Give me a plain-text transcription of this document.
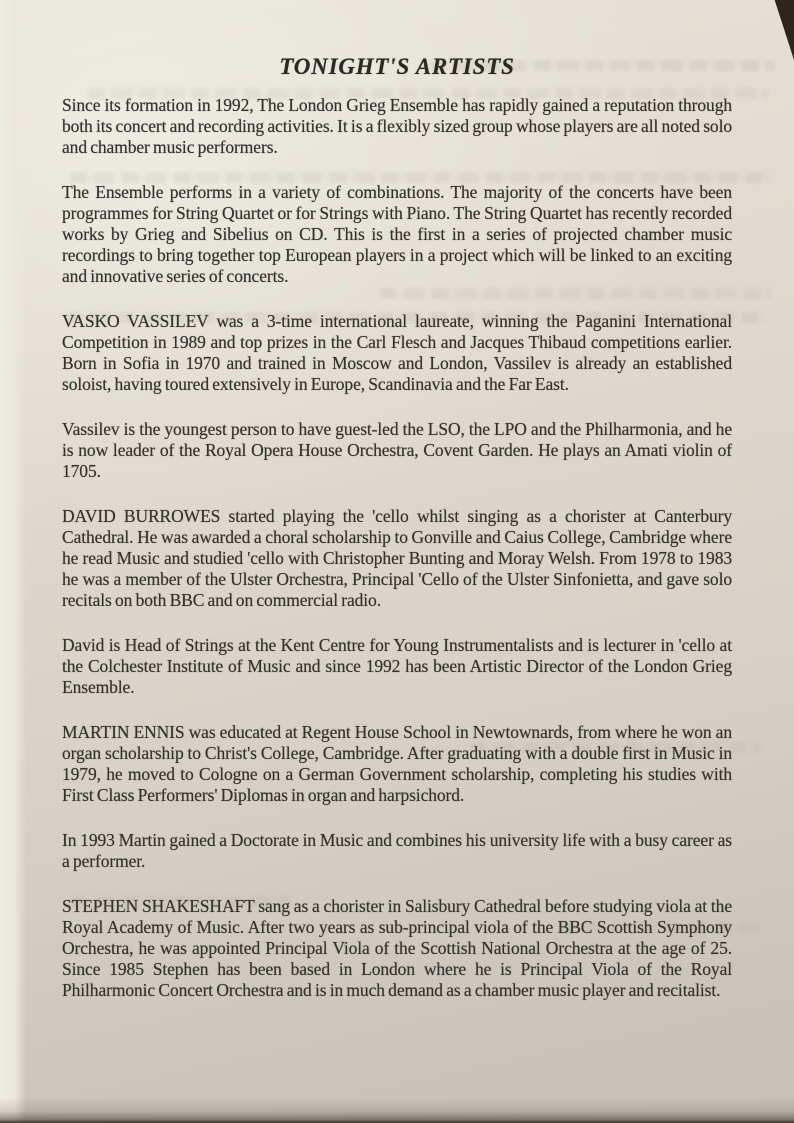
TONIGHT'S ARTISTS

Since its formation in 1992, The London Grieg Ensemble has rapidly gained a reputation through both its concert and recording activities. It is a flexibly sized group whose players are all noted solo and chamber music performers.

The Ensemble performs in a variety of combinations. The majority of the concerts have been programmes for String Quartet or for Strings with Piano. The String Quartet has recently recorded works by Grieg and Sibelius on CD. This is the first in a series of projected chamber music recordings to bring together top European players in a project which will be linked to an exciting and innovative series of concerts.

VASKO VASSILEV was a 3-time international laureate, winning the Paganini International Competition in 1989 and top prizes in the Carl Flesch and Jacques Thibaud competitions earlier. Born in Sofia in 1970 and trained in Moscow and London, Vassilev is already an established soloist, having toured extensively in Europe, Scandinavia and the Far East.

Vassilev is the youngest person to have guest-led the LSO, the LPO and the Philharmonia, and he is now leader of the Royal Opera House Orchestra, Covent Garden. He plays an Amati violin of 1705.

DAVID BURROWES started playing the 'cello whilst singing as a chorister at Canterbury Cathedral. He was awarded a choral scholarship to Gonville and Caius College, Cambridge where he read Music and studied 'cello with Christopher Bunting and Moray Welsh. From 1978 to 1983 he was a member of the Ulster Orchestra, Principal 'Cello of the Ulster Sinfonietta, and gave solo recitals on both BBC and on commercial radio.

David is Head of Strings at the Kent Centre for Young Instrumentalists and is lecturer in 'cello at the Colchester Institute of Music and since 1992 has been Artistic Director of the London Grieg Ensemble.

MARTIN ENNIS was educated at Regent House School in Newtownards, from where he won an organ scholarship to Christ's College, Cambridge. After graduating with a double first in Music in 1979, he moved to Cologne on a German Government scholarship, completing his studies with First Class Performers' Diplomas in organ and harpsichord.

In 1993 Martin gained a Doctorate in Music and combines his university life with a busy career as a performer.

STEPHEN SHAKESHAFT sang as a chorister in Salisbury Cathedral before studying viola at the Royal Academy of Music. After two years as sub-principal viola of the BBC Scottish Symphony Orchestra, he was appointed Principal Viola of the Scottish National Orchestra at the age of 25. Since 1985 Stephen has been based in London where he is Principal Viola of the Royal Philharmonic Concert Orchestra and is in much demand as a chamber music player and recitalist.
